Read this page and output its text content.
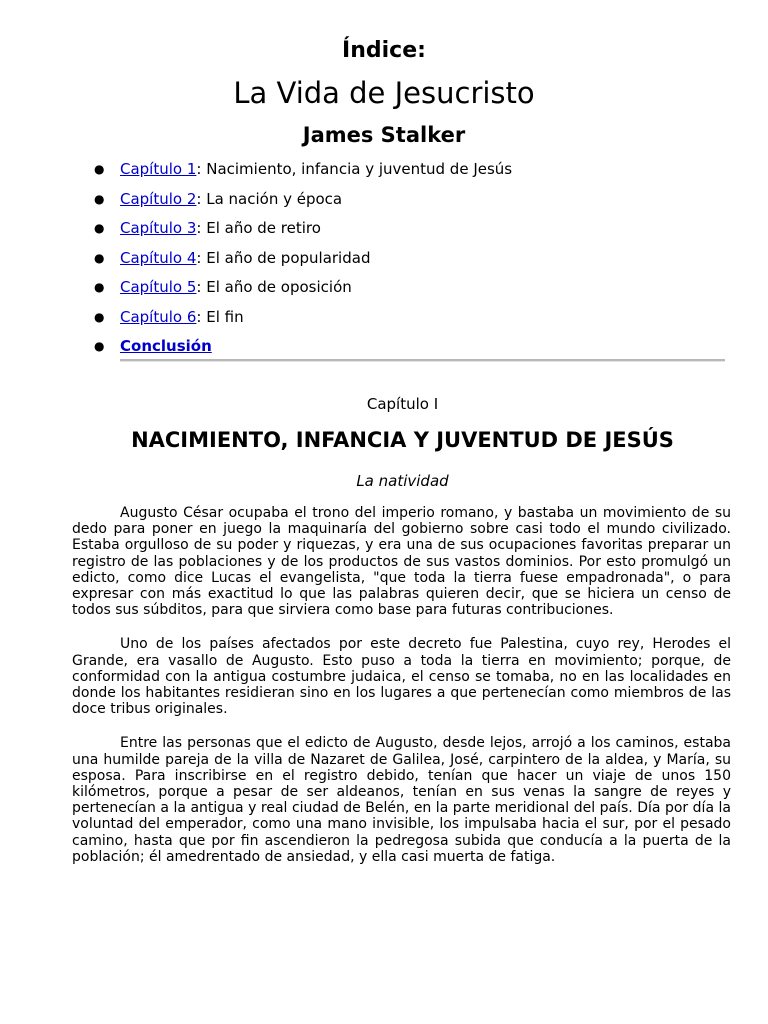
Índice:
La Vida de Jesucristo
James Stalker
● Capítulo 1: Nacimiento, infancia y juventud de Jesús
● Capítulo 2: La nación y época
● Capítulo 3: El año de retiro
● Capítulo 4: El año de popularidad
● Capítulo 5: El año de oposición
● Capítulo 6: El fin
● Conclusión
Capítulo I
NACIMIENTO, INFANCIA Y JUVENTUD DE JESÚS
La natividad

Augusto César ocupaba el trono del imperio romano, y bastaba un movimiento de su dedo para poner en juego la maquinaría del gobierno sobre casi todo el mundo civilizado. Estaba orgulloso de su poder y riquezas, y era una de sus ocupaciones favoritas preparar un registro de las poblaciones y de los productos de sus vastos dominios. Por esto promulgó un edicto, como dice Lucas el evangelista, "que toda la tierra fuese empadronada", o para expresar con más exactitud lo que las palabras quieren decir, que se hiciera un censo de todos sus súbditos, para que sirviera como base para futuras contribuciones.

Uno de los países afectados por este decreto fue Palestina, cuyo rey, Herodes el Grande, era vasallo de Augusto. Esto puso a toda la tierra en movimiento; porque, de conformidad con la antigua costumbre judaica, el censo se tomaba, no en las localidades en donde los habitantes residieran sino en los lugares a que pertenecían como miembros de las doce tribus originales.

Entre las personas que el edicto de Augusto, desde lejos, arrojó a los caminos, estaba una humilde pareja de la villa de Nazaret de Galilea, José, carpintero de la aldea, y María, su esposa. Para inscribirse en el registro debido, tenían que hacer un viaje de unos 150 kilómetros, porque a pesar de ser aldeanos, tenían en sus venas la sangre de reyes y pertenecían a la antigua y real ciudad de Belén, en la parte meridional del país. Día por día la voluntad del emperador, como una mano invisible, los impulsaba hacia el sur, por el pesado camino, hasta que por fin ascendieron la pedregosa subida que conducía a la puerta de la población; él amedrentado de ansiedad, y ella casi muerta de fatiga.
